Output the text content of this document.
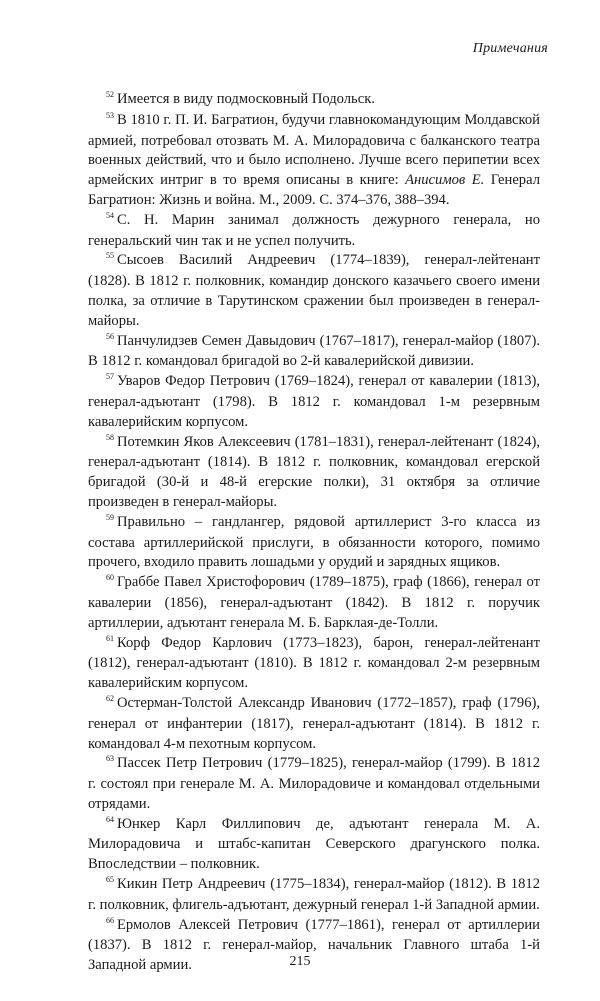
Примечания

$^{52}$ Имеется в виду подмосковный Подольск.

$^{53}$ В 1810 г. П. И. Багратион, будучи главнокомандующим Молдавской армией, потребовал отозвать М. А. Милорадовича с балканского театра военных действий, что и было исполнено. Лучше всего перипетии всех армейских интриг в то время описаны в книге: Анисимов Е. Генерал Багратион: Жизнь и война. М., 2009. С. 374–376, 388–394.

$^{54}$ С. Н. Марин занимал должность дежурного генерала, но генеральский чин так и не успел получить.

$^{55}$ Сысоев Василий Андреевич (1774–1839), генерал-лейтенант (1828). В 1812 г. полковник, командир донского казачьего своего имени полка, за отличие в Тарутинском сражении был произведен в генерал-майоры.

$^{56}$ Панчулидзев Семен Давыдович (1767–1817), генерал-майор (1807). В 1812 г. командовал бригадой во 2-й кавалерийской дивизии.

$^{57}$ Уваров Федор Петрович (1769–1824), генерал от кавалерии (1813), генерал-адъютант (1798). В 1812 г. командовал 1-м резервным кавалерийским корпусом.

$^{58}$ Потемкин Яков Алексеевич (1781–1831), генерал-лейтенант (1824), генерал-адъютант (1814). В 1812 г. полковник, командовал егерской бригадой (30-й и 48-й егерские полки), 31 октября за отличие произведен в генерал-майоры.

$^{59}$ Правильно – гандлангер, рядовой артиллерист 3-го класса из состава артиллерийской прислуги, в обязанности которого, помимо прочего, входило править лошадьми у орудий и зарядных ящиков.

$^{60}$ Граббе Павел Христофорович (1789–1875), граф (1866), генерал от кавалерии (1856), генерал-адъютант (1842). В 1812 г. поручик артиллерии, адъютант генерала М. Б. Барклая-де-Толли.

$^{61}$ Корф Федор Карлович (1773–1823), барон, генерал-лейтенант (1812), генерал-адъютант (1810). В 1812 г. командовал 2-м резервным кавалерийским корпусом.

$^{62}$ Остерман-Толстой Александр Иванович (1772–1857), граф (1796), генерал от инфантерии (1817), генерал-адъютант (1814). В 1812 г. командовал 4-м пехотным корпусом.

$^{63}$ Пассек Петр Петрович (1779–1825), генерал-майор (1799). В 1812 г. состоял при генерале М. А. Милорадовиче и командовал отдельными отрядами.

$^{64}$ Юнкер Карл Филлипович де, адъютант генерала М. А. Милорадовича и штабс-капитан Северского драгунского полка. Впоследствии – полковник.

$^{65}$ Кикин Петр Андреевич (1775–1834), генерал-майор (1812). В 1812 г. полковник, флигель-адъютант, дежурный генерал 1-й Западной армии.

$^{66}$ Ермолов Алексей Петрович (1777–1861), генерал от артиллерии (1837). В 1812 г. генерал-майор, начальник Главного штаба 1-й Западной армии.	215
